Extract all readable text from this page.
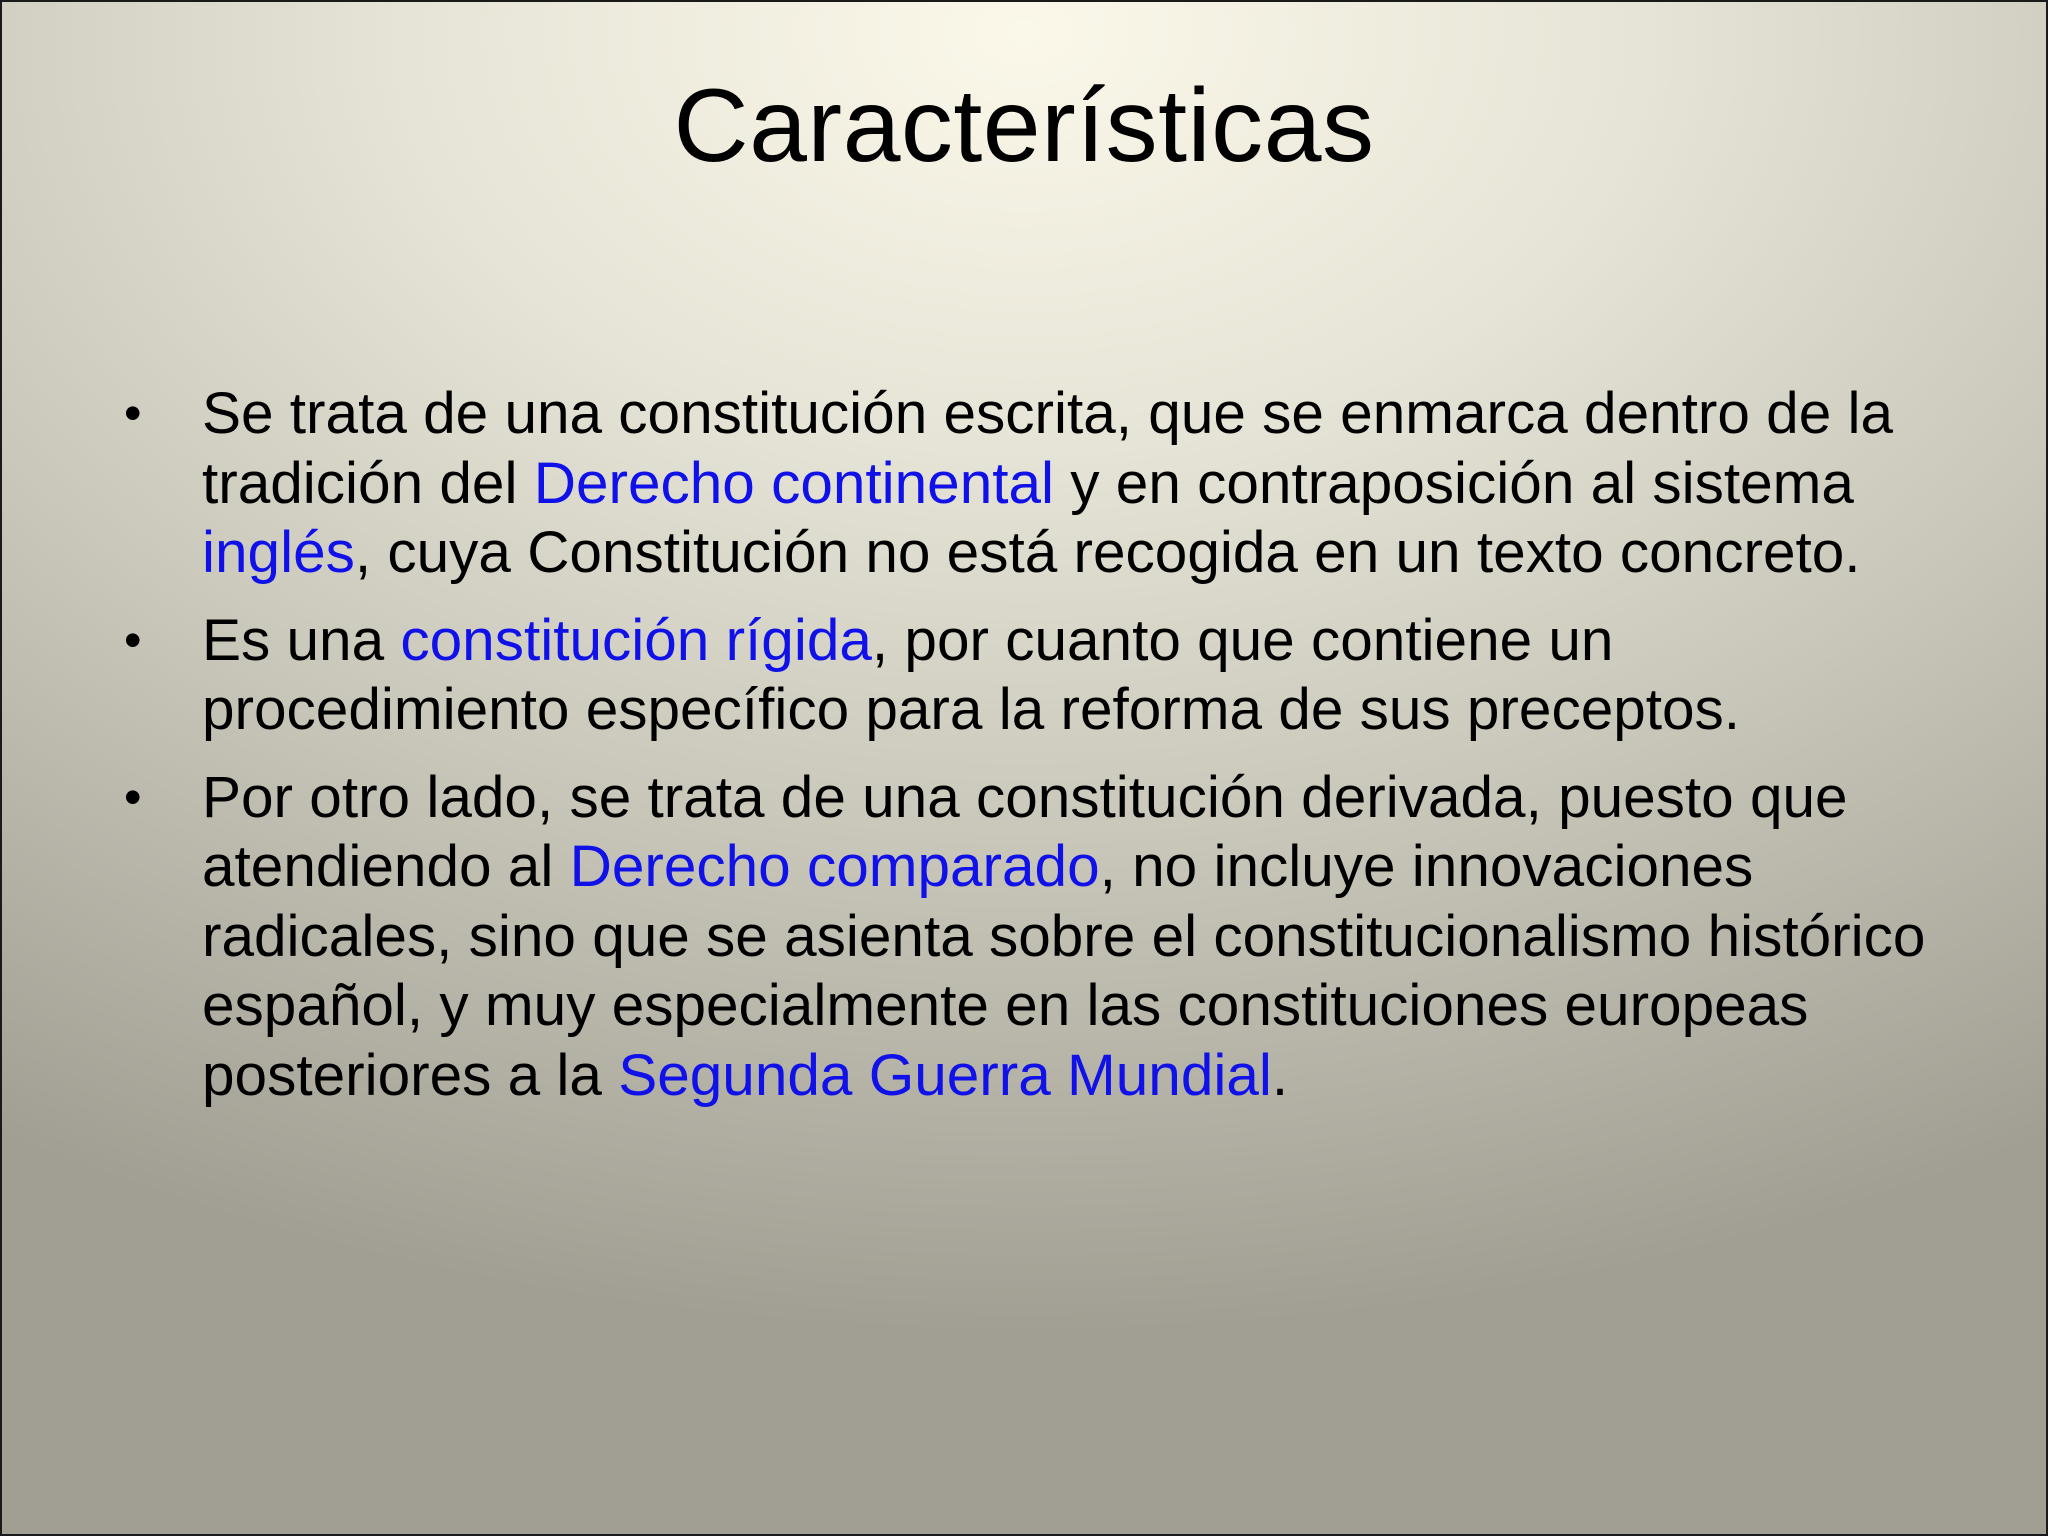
Características
• Se trata de una constitución escrita, que se enmarca dentro de la tradición del Derecho continental y en contraposición al sistema inglés, cuya Constitución no está recogida en un texto concreto.
• Es una constitución rígida, por cuanto que contiene un procedimiento específico para la reforma de sus preceptos.
• Por otro lado, se trata de una constitución derivada, puesto que atendiendo al Derecho comparado, no incluye innovaciones radicales, sino que se asienta sobre el constitucionalismo histórico español, y muy especialmente en las constituciones europeas posteriores a la Segunda Guerra Mundial.
